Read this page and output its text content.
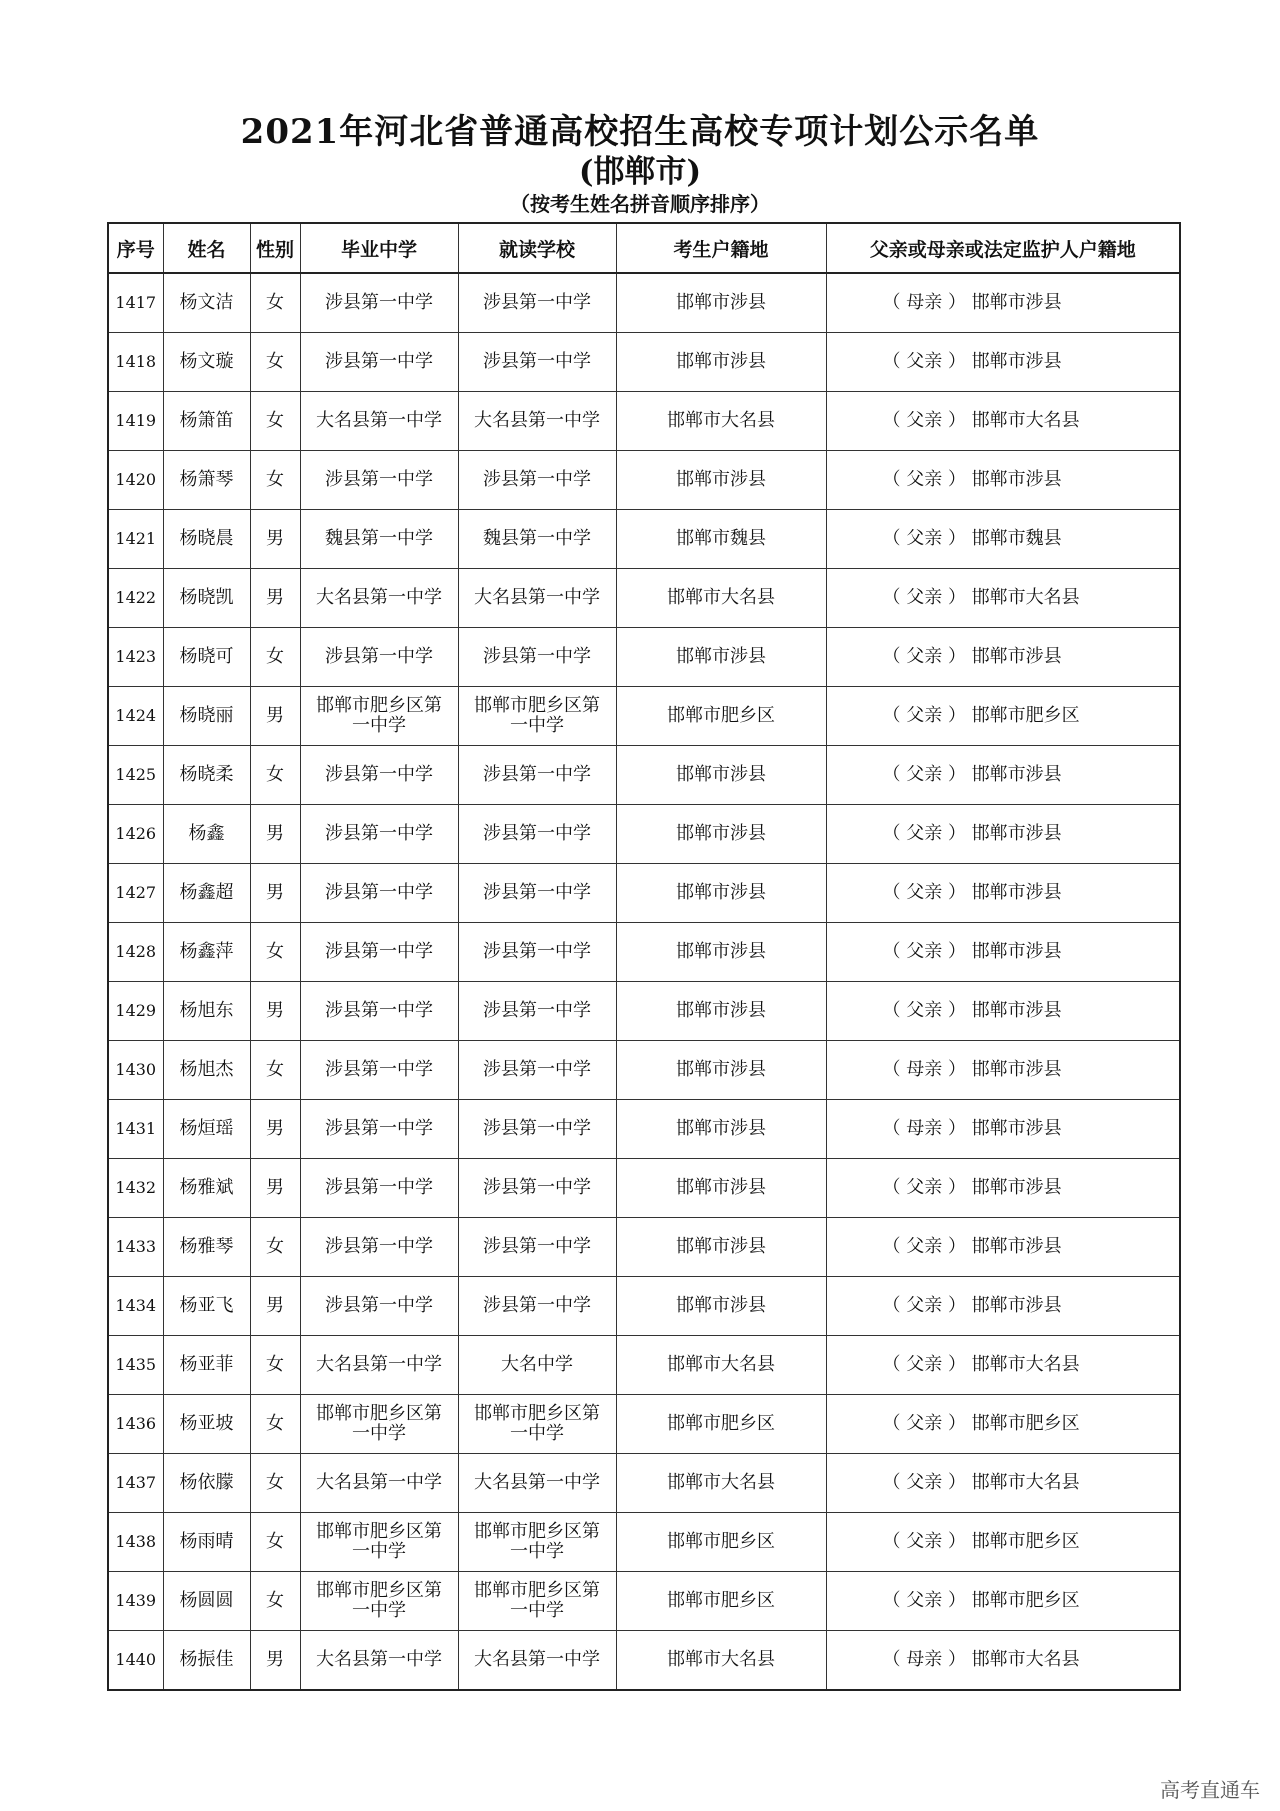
2021年河北省普通高校招生高校专项计划公示名单
(邯郸市)
（按考生姓名拼音顺序排序）
序号	姓名	性别	毕业中学	就读学校	考生户籍地	父亲或母亲或法定监护人户籍地
1417	杨文洁	女	涉县第一中学	涉县第一中学	邯郸市涉县	（ 母亲 ） 邯郸市涉县
1418	杨文璇	女	涉县第一中学	涉县第一中学	邯郸市涉县	（ 父亲 ） 邯郸市涉县
1419	杨箫笛	女	大名县第一中学	大名县第一中学	邯郸市大名县	（ 父亲 ） 邯郸市大名县
1420	杨箫琴	女	涉县第一中学	涉县第一中学	邯郸市涉县	（ 父亲 ） 邯郸市涉县
1421	杨晓晨	男	魏县第一中学	魏县第一中学	邯郸市魏县	（ 父亲 ） 邯郸市魏县
1422	杨晓凯	男	大名县第一中学	大名县第一中学	邯郸市大名县	（ 父亲 ） 邯郸市大名县
1423	杨晓可	女	涉县第一中学	涉县第一中学	邯郸市涉县	（ 父亲 ） 邯郸市涉县
1424	杨晓丽	男	邯郸市肥乡区第一中学	邯郸市肥乡区第一中学	邯郸市肥乡区	（ 父亲 ） 邯郸市肥乡区
1425	杨晓柔	女	涉县第一中学	涉县第一中学	邯郸市涉县	（ 父亲 ） 邯郸市涉县
1426	杨鑫	男	涉县第一中学	涉县第一中学	邯郸市涉县	（ 父亲 ） 邯郸市涉县
1427	杨鑫超	男	涉县第一中学	涉县第一中学	邯郸市涉县	（ 父亲 ） 邯郸市涉县
1428	杨鑫萍	女	涉县第一中学	涉县第一中学	邯郸市涉县	（ 父亲 ） 邯郸市涉县
1429	杨旭东	男	涉县第一中学	涉县第一中学	邯郸市涉县	（ 父亲 ） 邯郸市涉县
1430	杨旭杰	女	涉县第一中学	涉县第一中学	邯郸市涉县	（ 母亲 ） 邯郸市涉县
1431	杨烜瑶	男	涉县第一中学	涉县第一中学	邯郸市涉县	（ 母亲 ） 邯郸市涉县
1432	杨雅斌	男	涉县第一中学	涉县第一中学	邯郸市涉县	（ 父亲 ） 邯郸市涉县
1433	杨雅琴	女	涉县第一中学	涉县第一中学	邯郸市涉县	（ 父亲 ） 邯郸市涉县
1434	杨亚飞	男	涉县第一中学	涉县第一中学	邯郸市涉县	（ 父亲 ） 邯郸市涉县
1435	杨亚菲	女	大名县第一中学	大名中学	邯郸市大名县	（ 父亲 ） 邯郸市大名县
1436	杨亚坡	女	邯郸市肥乡区第一中学	邯郸市肥乡区第一中学	邯郸市肥乡区	（ 父亲 ） 邯郸市肥乡区
1437	杨依朦	女	大名县第一中学	大名县第一中学	邯郸市大名县	（ 父亲 ） 邯郸市大名县
1438	杨雨晴	女	邯郸市肥乡区第一中学	邯郸市肥乡区第一中学	邯郸市肥乡区	（ 父亲 ） 邯郸市肥乡区
1439	杨圆圆	女	邯郸市肥乡区第一中学	邯郸市肥乡区第一中学	邯郸市肥乡区	（ 父亲 ） 邯郸市肥乡区
1440	杨振佳	男	大名县第一中学	大名县第一中学	邯郸市大名县	（ 母亲 ） 邯郸市大名县
高考直通车
